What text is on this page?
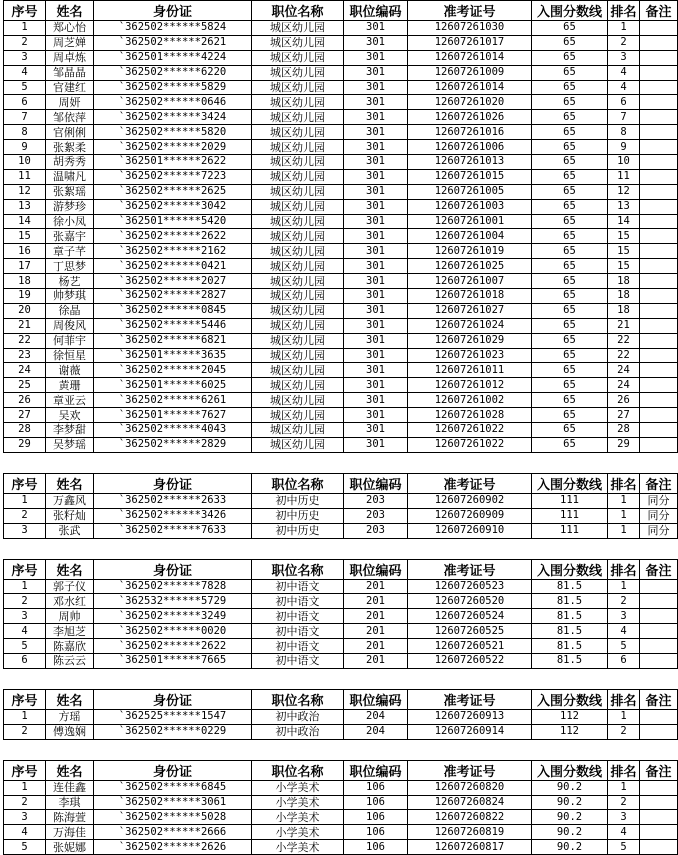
序号	姓名	身份证	职位名称	职位编码	准考证号	入围分数线	排名	备注
1	郑心怡	`362502******5824	城区幼儿园	301	12607261030	65	1	
2	周芝婵	`362502******2621	城区幼儿园	301	12607261017	65	2	
3	周卓炼	`362501******4224	城区幼儿园	301	12607261014	65	3	
4	邹晶晶	`362502******6220	城区幼儿园	301	12607261009	65	4	
5	官建红	`362502******5829	城区幼儿园	301	12607261014	65	4	
6	周妍	`362502******0646	城区幼儿园	301	12607261020	65	6	
7	邹依萍	`362502******3424	城区幼儿园	301	12607261026	65	7	
8	官俐俐	`362502******5820	城区幼儿园	301	12607261016	65	8	
9	张絮柔	`362502******2029	城区幼儿园	301	12607261006	65	9	
10	胡秀秀	`362501******2622	城区幼儿园	301	12607261013	65	10	
11	温啸凡	`362502******7223	城区幼儿园	301	12607261015	65	11	
12	张絮瑶	`362502******2625	城区幼儿园	301	12607261005	65	12	
13	游梦珍	`362502******3042	城区幼儿园	301	12607261003	65	13	
14	徐小凤	`362501******5420	城区幼儿园	301	12607261001	65	14	
15	张嘉宇	`362502******2622	城区幼儿园	301	12607261004	65	15	
16	章子芊	`362502******2162	城区幼儿园	301	12607261019	65	15	
17	丁思梦	`362502******0421	城区幼儿园	301	12607261025	65	15	
18	杨艺	`362502******2027	城区幼儿园	301	12607261007	65	18	
19	帅梦琪	`362502******2827	城区幼儿园	301	12607261018	65	18	
20	徐晶	`362502******0845	城区幼儿园	301	12607261027	65	18	
21	周俊风	`362502******5446	城区幼儿园	301	12607261024	65	21	
22	何菲宇	`362502******6821	城区幼儿园	301	12607261029	65	22	
23	徐恒星	`362501******3635	城区幼儿园	301	12607261023	65	22	
24	谢薇	`362502******2045	城区幼儿园	301	12607261011	65	24	
25	黄珊	`362501******6025	城区幼儿园	301	12607261012	65	24	
26	章亚云	`362502******6261	城区幼儿园	301	12607261002	65	26	
27	吴欢	`362501******7627	城区幼儿园	301	12607261028	65	27	
28	李梦甜	`362502******4043	城区幼儿园	301	12607261022	65	28	
29	吴梦瑶	`362502******2829	城区幼儿园	301	12607261022	65	29	
序号	姓名	身份证	职位名称	职位编码	准考证号	入围分数线	排名	备注
1	万鑫风	`362502******2633	初中历史	203	12607260902	111	1	同分
2	张籽灿	`362502******3426	初中历史	203	12607260909	111	1	同分
3	张武	`362502******7633	初中历史	203	12607260910	111	1	同分
序号	姓名	身份证	职位名称	职位编码	准考证号	入围分数线	排名	备注
1	郭子仪	`362502******7828	初中语文	201	12607260523	81.5	1	
2	邓水红	`362532******5729	初中语文	201	12607260520	81.5	2	
3	周帅	`362502******3249	初中语文	201	12607260524	81.5	3	
4	李旭芝	`362502******0020	初中语文	201	12607260525	81.5	4	
5	陈嘉欣	`362502******2622	初中语文	201	12607260521	81.5	5	
6	陈云云	`362501******7665	初中语文	201	12607260522	81.5	6	
序号	姓名	身份证	职位名称	职位编码	准考证号	入围分数线	排名	备注
1	方瑶	`362525******1547	初中政治	204	12607260913	112	1	
2	傅逸娴	`362502******0229	初中政治	204	12607260914	112	2	
序号	姓名	身份证	职位名称	职位编码	准考证号	入围分数线	排名	备注
1	连佳鑫	`362502******6845	小学美术	106	12607260820	90.2	1	
2	李琪	`362502******3061	小学美术	106	12607260824	90.2	2	
3	陈海萱	`362502******5028	小学美术	106	12607260822	90.2	3	
4	万海佳	`362502******2666	小学美术	106	12607260819	90.2	4	
5	张妮娜	`362502******2626	小学美术	106	12607260817	90.2	5	
